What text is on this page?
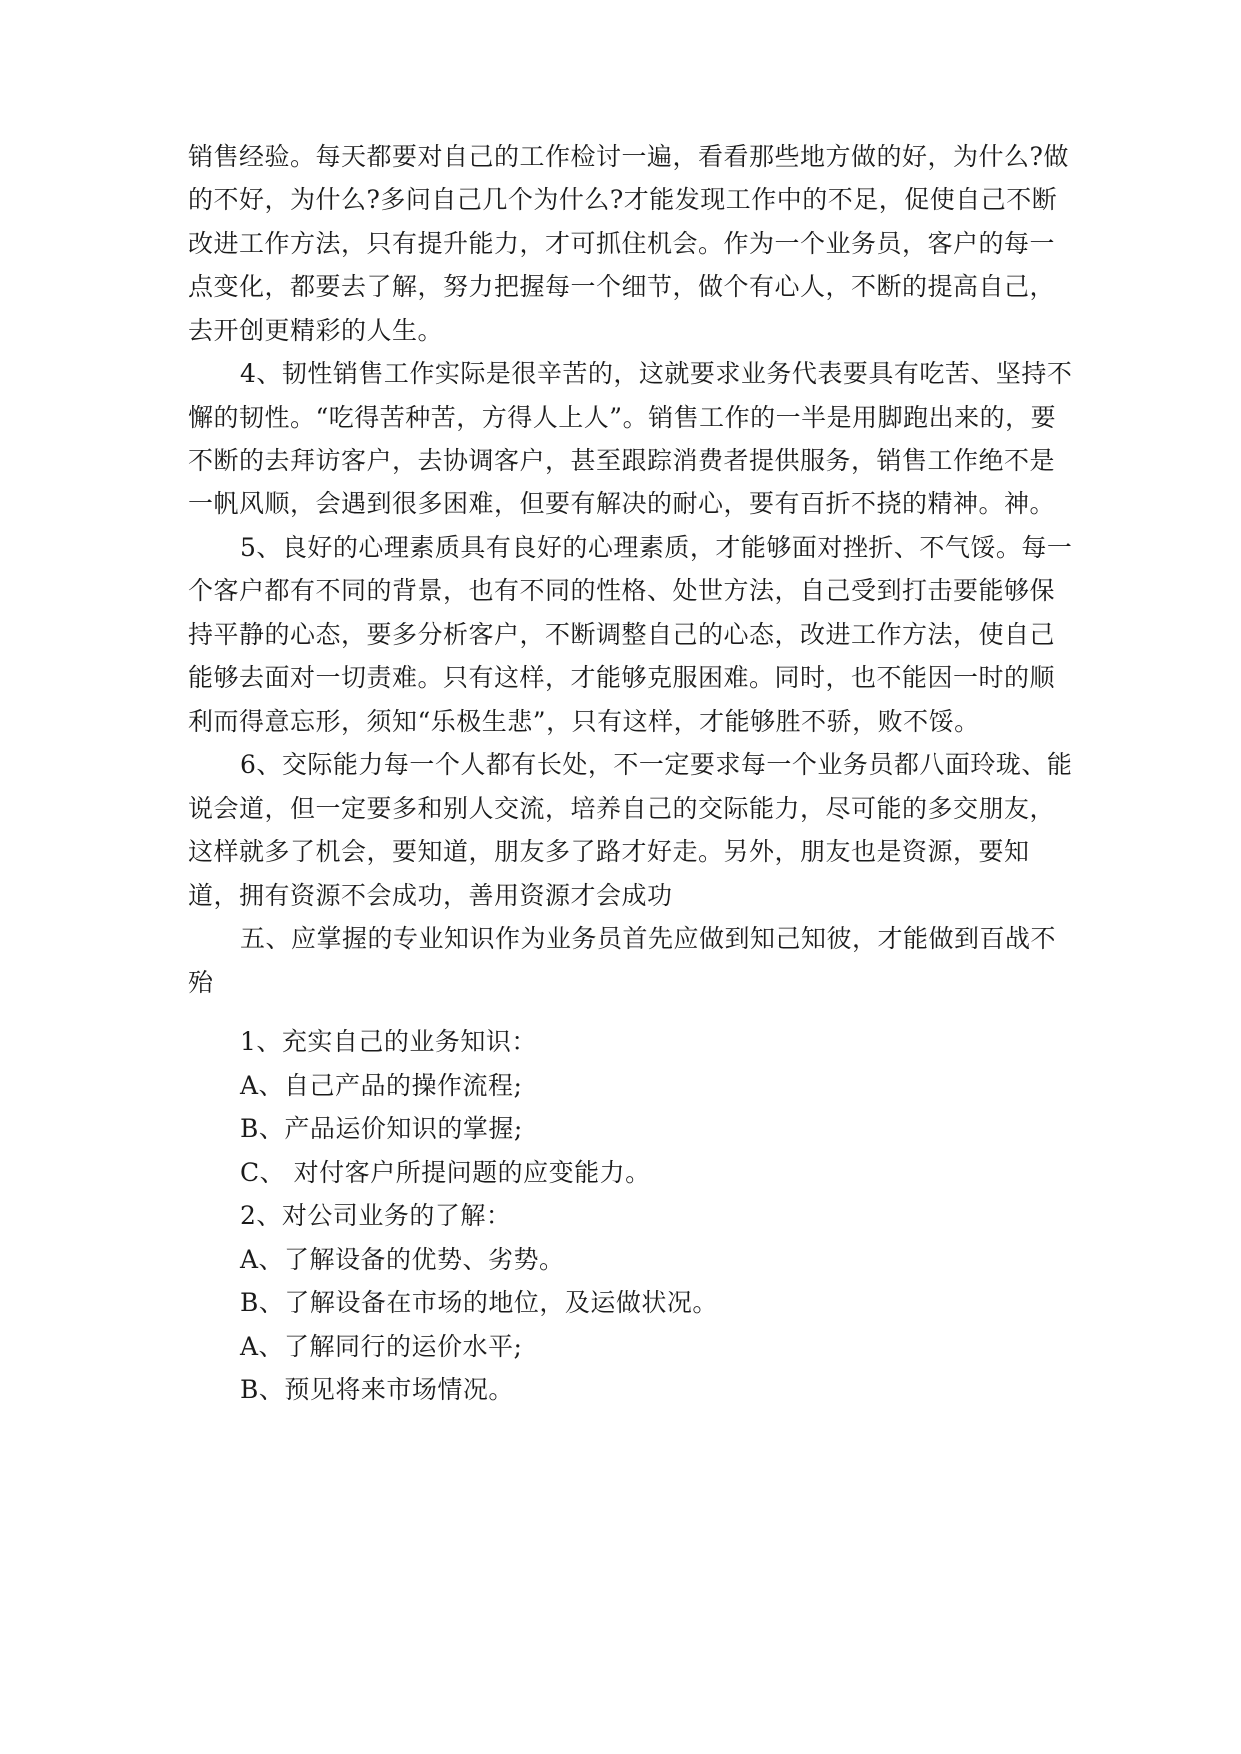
销售经验。每天都要对自己的工作检讨一遍，看看那些地方做的好，为什么?做
的不好，为什么?多问自己几个为什么?才能发现工作中的不足，促使自己不断
改进工作方法，只有提升能力，才可抓住机会。作为一个业务员，客户的每一
点变化，都要去了解，努力把握每一个细节，做个有心人，不断的提高自己，
去开创更精彩的人生。
4、韧性销售工作实际是很辛苦的，这就要求业务代表要具有吃苦、坚持不
懈的韧性。“吃得苦种苦，方得人上人”。销售工作的一半是用脚跑出来的，要
不断的去拜访客户，去协调客户，甚至跟踪消费者提供服务，销售工作绝不是
一帆风顺，会遇到很多困难，但要有解决的耐心，要有百折不挠的精神。神。
5、良好的心理素质具有良好的心理素质，才能够面对挫折、不气馁。每一
个客户都有不同的背景，也有不同的性格、处世方法，自己受到打击要能够保
持平静的心态，要多分析客户，不断调整自己的心态，改进工作方法，使自己
能够去面对一切责难。只有这样，才能够克服困难。同时，也不能因一时的顺
利而得意忘形，须知“乐极生悲”，只有这样，才能够胜不骄，败不馁。
6、交际能力每一个人都有长处，不一定要求每一个业务员都八面玲珑、能
说会道，但一定要多和别人交流，培养自己的交际能力，尽可能的多交朋友，
这样就多了机会，要知道，朋友多了路才好走。另外，朋友也是资源，要知
道，拥有资源不会成功，善用资源才会成功
五、应掌握的专业知识作为业务员首先应做到知己知彼，才能做到百战不
殆
1、充实自己的业务知识：
A、自己产品的操作流程;
B、产品运价知识的掌握;
C、 对付客户所提问题的应变能力。
2、对公司业务的了解：
A、了解设备的优势、劣势。
B、了解设备在市场的地位，及运做状况。
A、了解同行的运价水平;
B、预见将来市场情况。
